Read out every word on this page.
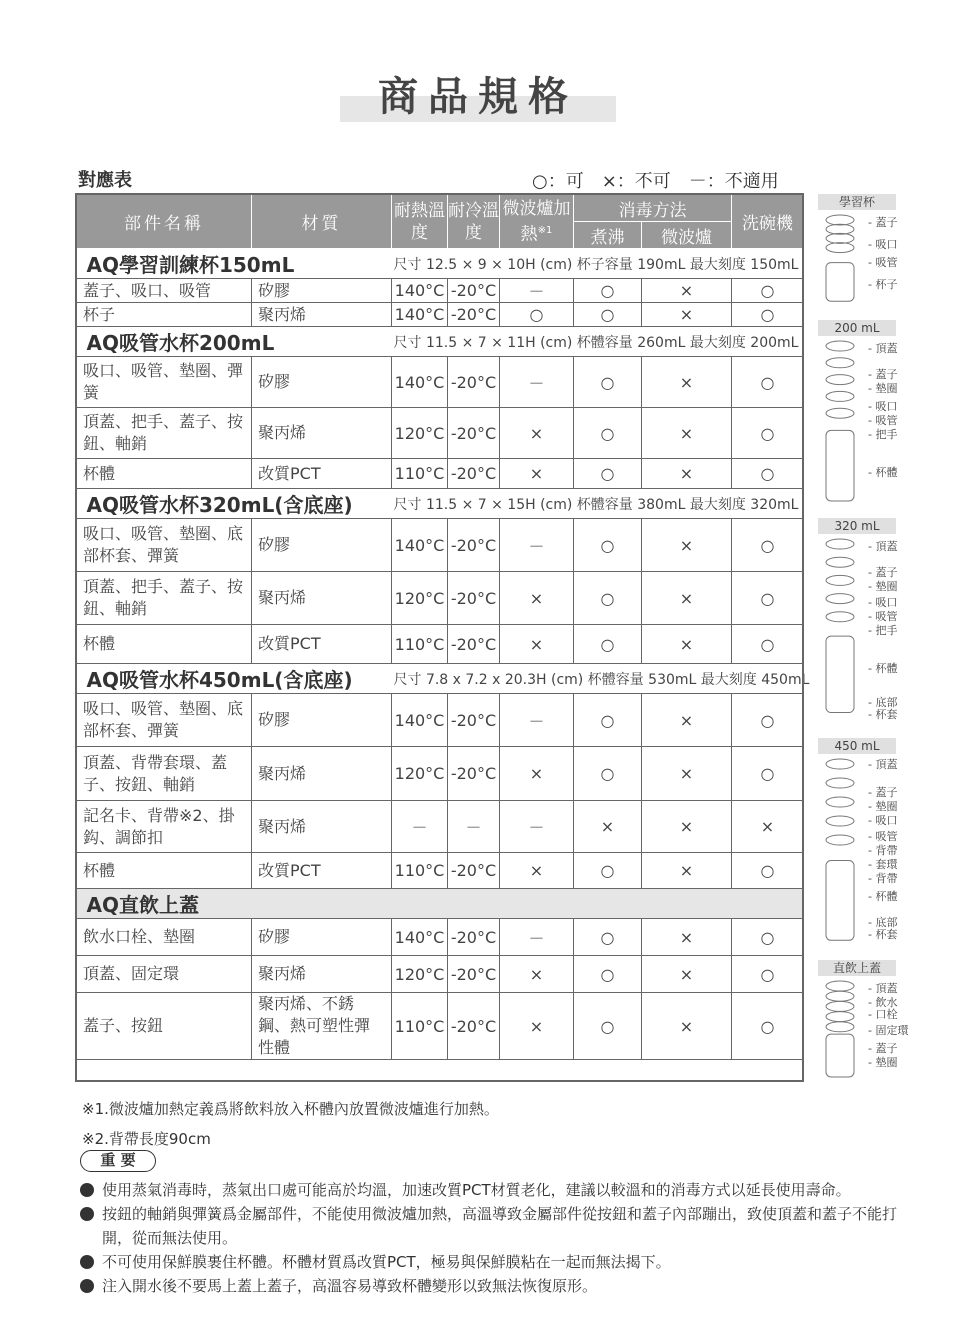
商品規格
對應表	○：可　×：不可　－：不適用
部件名稱	材質	耐熱溫度	耐冷溫度	微波爐加熱$^{※1}$	消毒方法		洗碗機
					煮沸	微波爐	
AQ學習訓練杯150mL		尺寸 12.5 × 9 × 10H (cm) 杯子容量 190mL 最大刻度 150mL					
蓋子、吸口、吸管	矽膠	140°C	-20°C	－	○	×	○
杯子	聚丙烯	140°C	-20°C	○	○	×	○
AQ吸管水杯200mL		尺寸 11.5 × 7 × 11H (cm) 杯體容量 260mL 最大刻度 200mL					
吸口、吸管、墊圈、彈簧	矽膠	140°C	-20°C	－	○	×	○
頂蓋、把手、蓋子、按鈕、軸銷	聚丙烯	120°C	-20°C	×	○	×	○
杯體	改質PCT	110°C	-20°C	×	○	×	○
AQ吸管水杯320mL(含底座)		尺寸 11.5 × 7 × 15H (cm) 杯體容量 380mL 最大刻度 320mL					
吸口、吸管、墊圈、底部杯套、彈簧	矽膠	140°C	-20°C	－	○	×	○
頂蓋、把手、蓋子、按鈕、軸銷	聚丙烯	120°C	-20°C	×	○	×	○
杯體	改質PCT	110°C	-20°C	×	○	×	○
AQ吸管水杯450mL(含底座)		尺寸 7.8 x 7.2 x 20.3H (cm) 杯體容量 530mL 最大刻度 450mL					
吸口、吸管、墊圈、底部杯套、彈簧	矽膠	140°C	-20°C	－	○	×	○
頂蓋、背帶套環、蓋子、按鈕、軸銷	聚丙烯	120°C	-20°C	×	○	×	○
記名卡、背帶※2、掛鈎、調節扣	聚丙烯	－	－	－	×	×	×
杯體	改質PCT	110°C	-20°C	×	○	×	○
AQ直飲上蓋							
飲水口栓、墊圈	矽膠	140°C	-20°C	－	○	×	○
頂蓋、固定環	聚丙烯	120°C	-20°C	×	○	×	○
蓋子、按鈕	聚丙烯、不銹鋼、熱可塑性彈性體	110°C	-20°C	×	○	×	○
學習杯
- 蓋子
- 吸口
- 吸管
- 杯子
200 mL
- 頂蓋
- 蓋子
- 墊圈
- 吸口
- 吸管
- 把手
- 杯體
320 mL
- 頂蓋
- 蓋子
- 墊圈
- 吸口
- 吸管
- 把手
- 杯體
- 底部
- 杯套
450 mL
- 頂蓋
- 蓋子
- 墊圈
- 吸口
- 吸管
- 背帶
- 套環
- 背帶
- 杯體
- 底部
- 杯套
直飲上蓋
- 頂蓋
- 飲水
- 口栓
- 固定環
- 蓋子
- 墊圈
※1.微波爐加熱定義爲將飲料放入杯體內放置微波爐進行加熱。
※2.背帶長度90cm
重 要
使用蒸氣消毒時，蒸氣出口處可能高於均溫，加速改質PCT材質老化，建議以較溫和的消毒方式以延長使用壽命。
按鈕的軸銷與彈簧爲金屬部件，不能使用微波爐加熱，高溫導致金屬部件從按鈕和蓋子內部蹦出，致使頂蓋和蓋子不能打開，從而無法使用。
不可使用保鮮膜裹住杯體。杯體材質爲改質PCT，極易與保鮮膜粘在一起而無法揭下。
注入開水後不要馬上蓋上蓋子，高溫容易導致杯體變形以致無法恢復原形。
